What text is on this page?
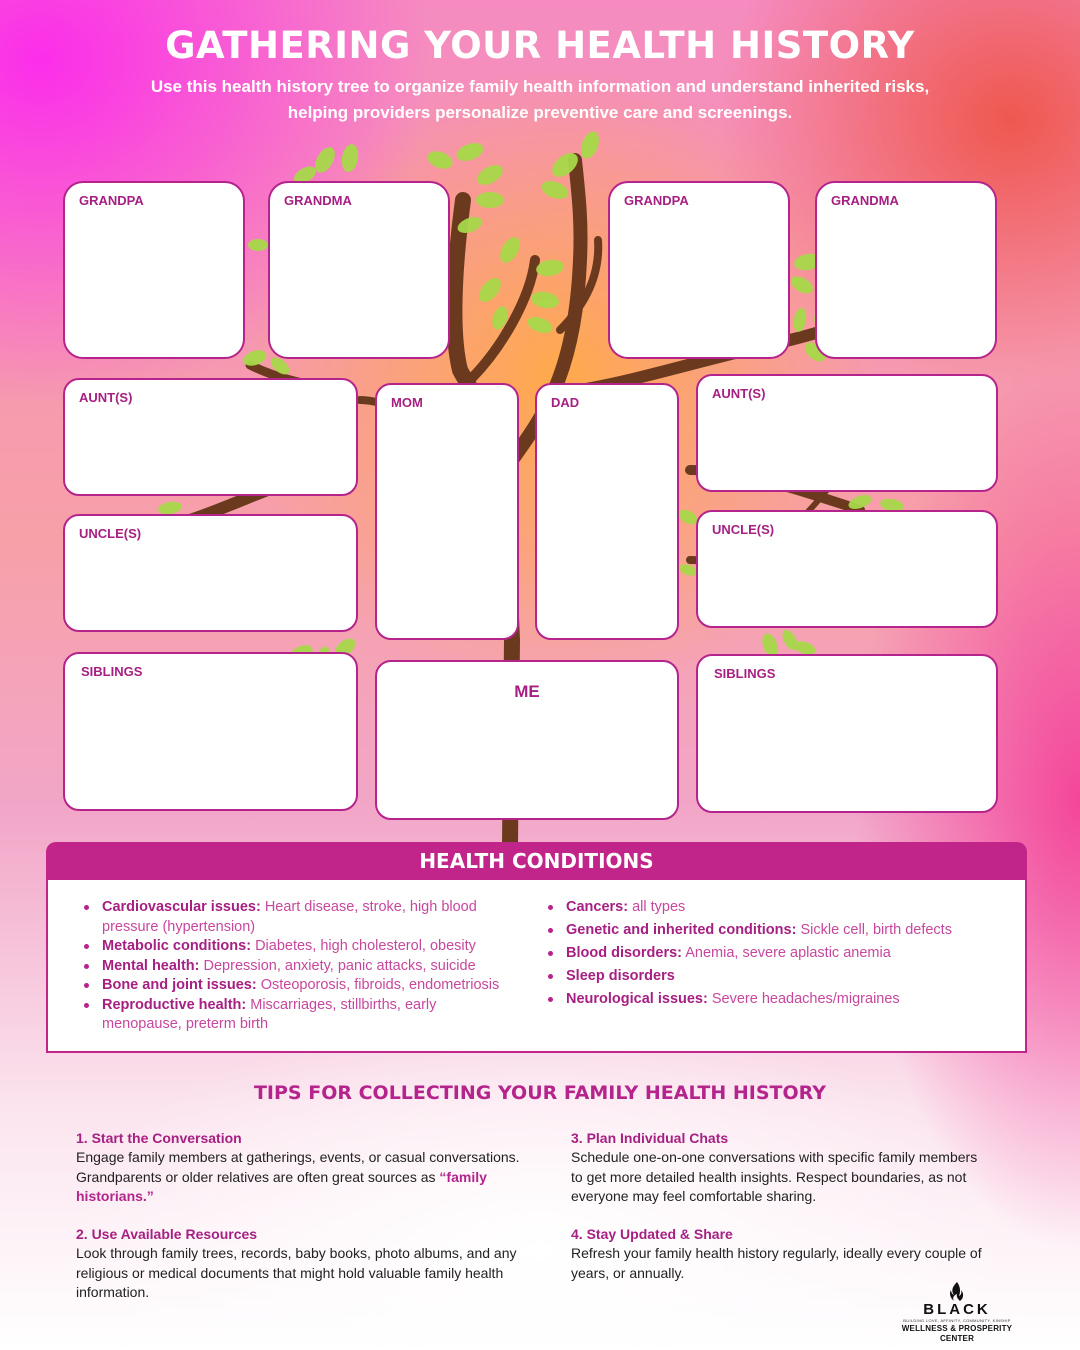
GATHERING YOUR HEALTH HISTORY
Use this health history tree to organize family health information and understand inherited risks, helping providers personalize preventive care and screenings.
GRANDPA	GRANDMA	GRANDPA	GRANDMA
AUNT(S)	MOM	DAD
AUNT(S)
UNCLE(S)	UNCLE(S)
SIBLINGS
ME
SIBLINGS
HEALTH CONDITIONS
Cardiovascular issues: Heart disease, stroke, high blood pressure (hypertension)
Metabolic conditions: Diabetes, high cholesterol, obesity
Mental health: Depression, anxiety, panic attacks, suicide
Bone and joint issues: Osteoporosis, fibroids, endometriosis
Reproductive health: Miscarriages, stillbirths, early menopause, preterm birth
Cancers: all types
Genetic and inherited conditions: Sickle cell, birth defects
Blood disorders: Anemia, severe aplastic anemia
Sleep disorders
Neurological issues: Severe headaches/migraines
TIPS FOR COLLECTING YOUR FAMILY HEALTH HISTORY
1. Start the Conversation
Engage family members at gatherings, events, or casual conversations. Grandparents or older relatives are often great sources as “family historians.”
2. Use Available Resources
Look through family trees, records, baby books, photo albums, and any religious or medical documents that might hold valuable family health information.
3. Plan Individual Chats
Schedule one-on-one conversations with specific family members to get more detailed health insights. Respect boundaries, as not everyone may feel comfortable sharing.
4. Stay Updated & Share
Refresh your family health history regularly, ideally every couple of years, or annually.
BLACK
BUILDING LOVE, AFFINITY, COMMUNITY, KINSHIP
WELLNESS & PROSPERITY CENTER
